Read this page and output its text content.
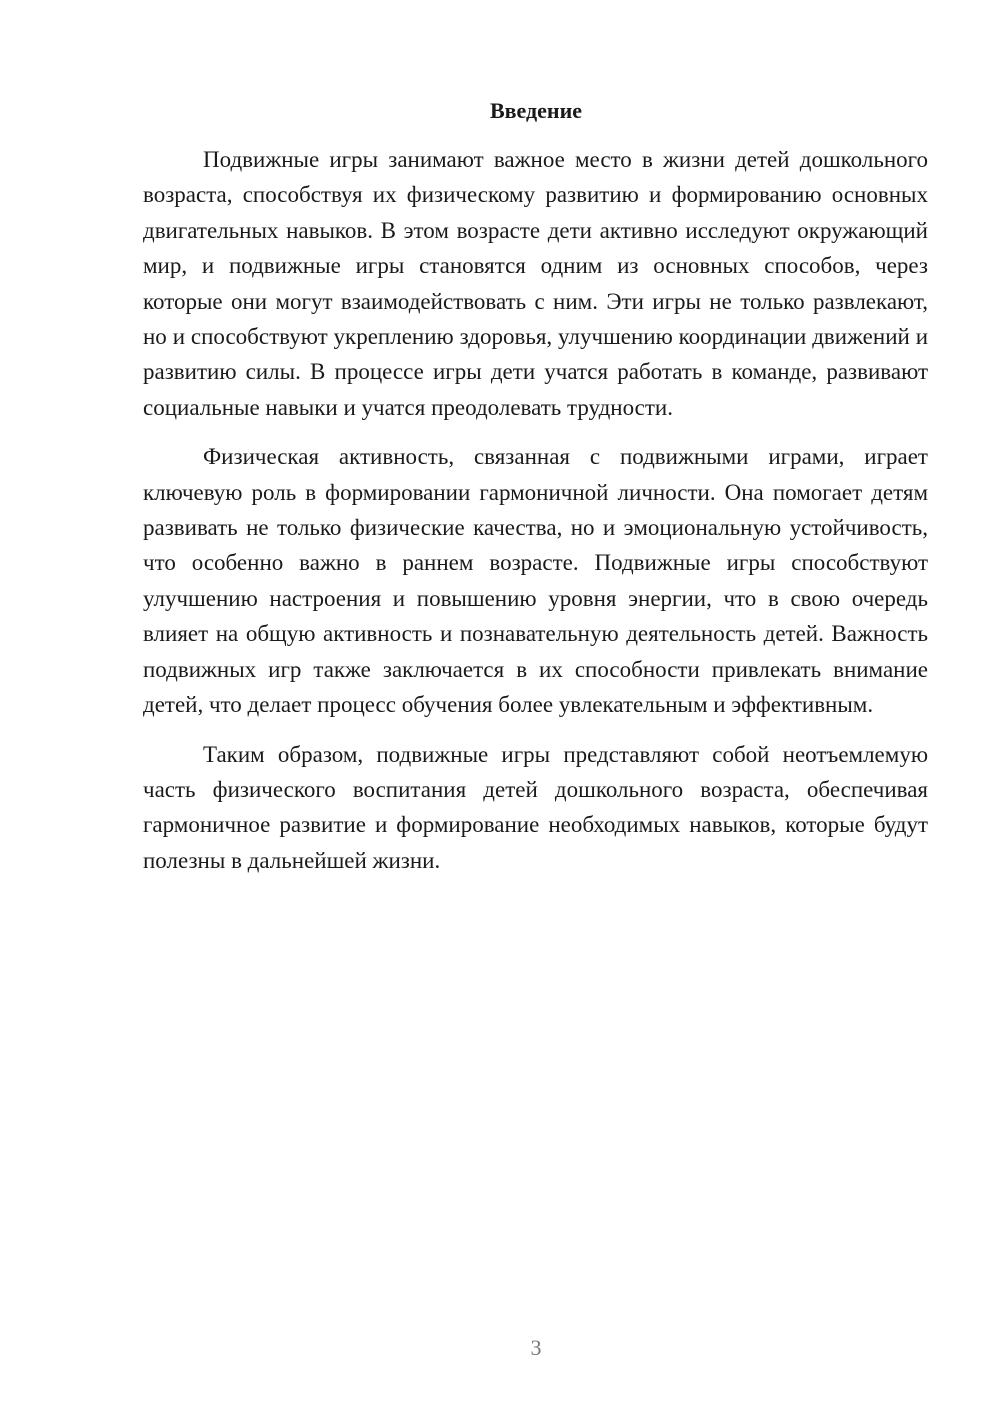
Введение

Подвижные игры занимают важное место в жизни детей дошкольного возраста, способствуя их физическому развитию и формированию основных двигательных навыков. В этом возрасте дети активно исследуют окружающий мир, и подвижные игры становятся одним из основных способов, через которые они могут взаимодействовать с ним. Эти игры не только развлекают, но и способствуют укреплению здоровья, улучшению координации движений и развитию силы. В процессе игры дети учатся работать в команде, развивают социальные навыки и учатся преодолевать трудности.

Физическая активность, связанная с подвижными играми, играет ключевую роль в формировании гармоничной личности. Она помогает детям развивать не только физические качества, но и эмоциональную устойчивость, что особенно важно в раннем возрасте. Подвижные игры способствуют улучшению настроения и повышению уровня энергии, что в свою очередь влияет на общую активность и познавательную деятельность детей. Важность подвижных игр также заключается в их способности привлекать внимание детей, что делает процесс обучения более увлекательным и эффективным.

Таким образом, подвижные игры представляют собой неотъемлемую часть физического воспитания детей дошкольного возраста, обеспечивая гармоничное развитие и формирование необходимых навыков, которые будут полезны в дальнейшей жизни.

3
